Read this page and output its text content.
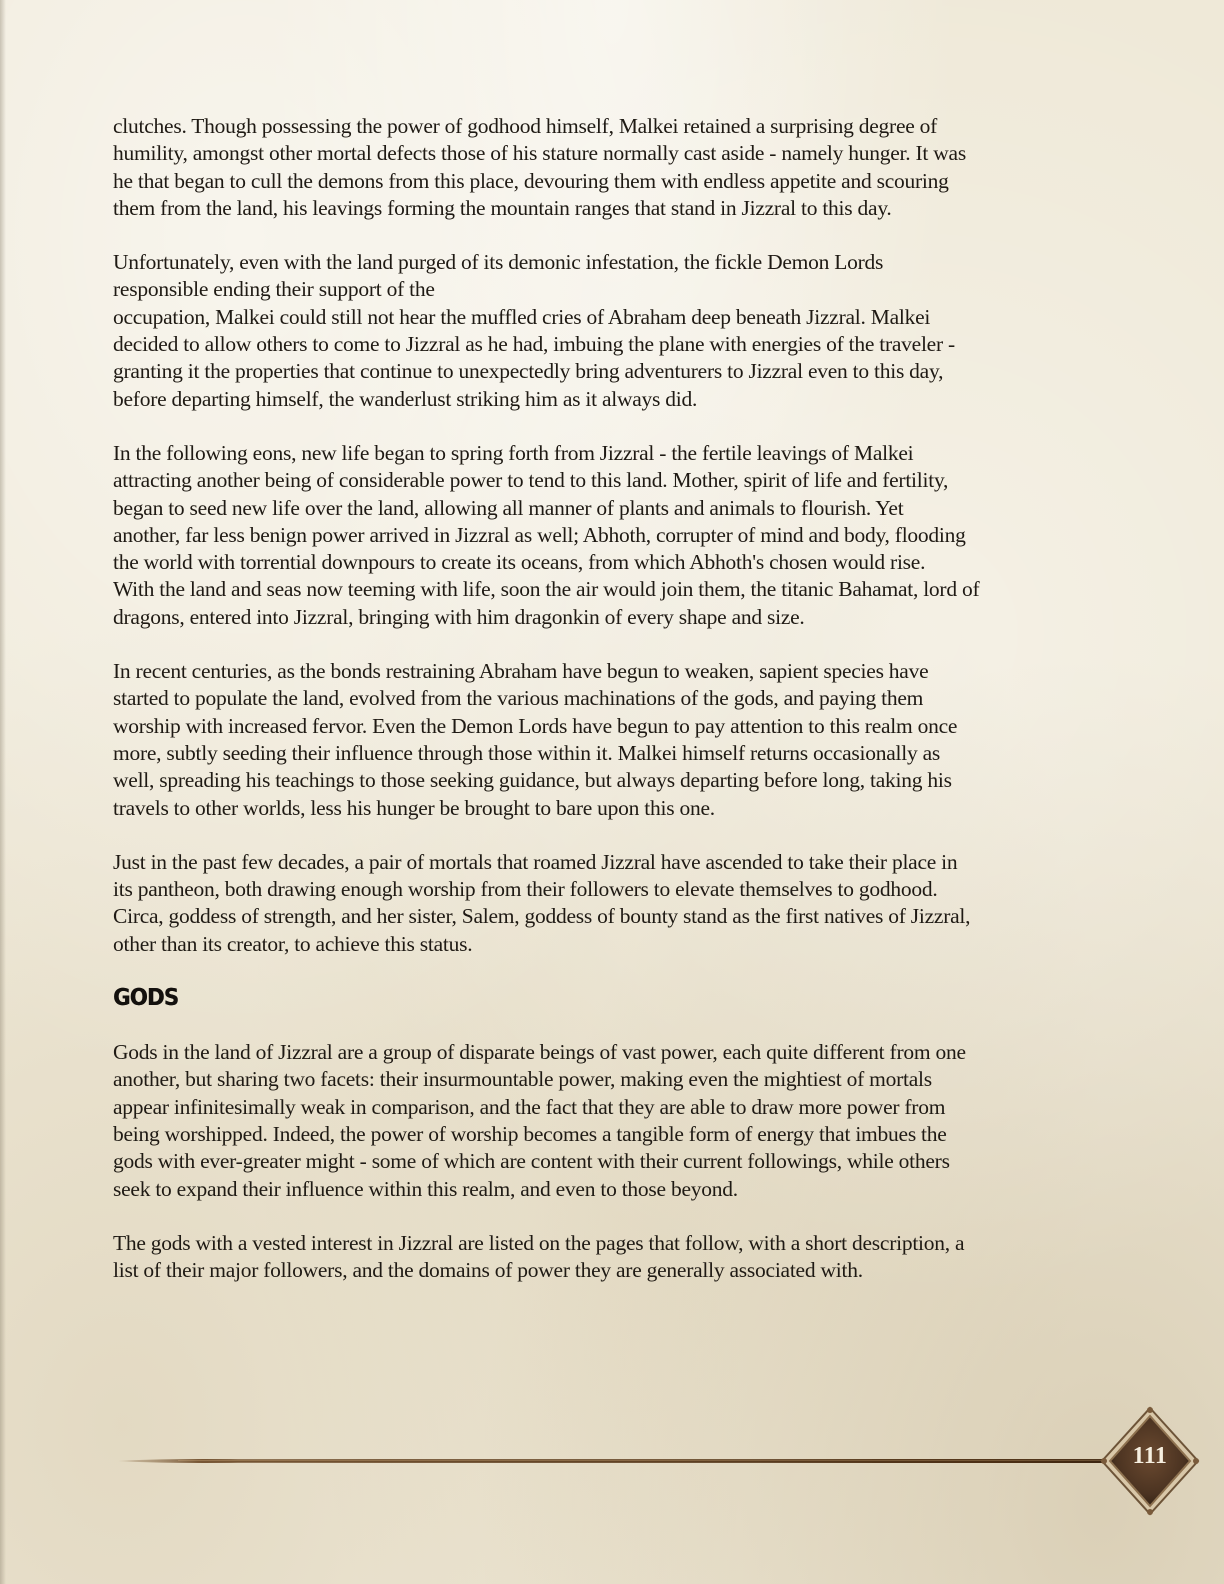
clutches. Though possessing the power of godhood himself, Malkei retained a surprising degree of
humility, amongst other mortal defects those of his stature normally cast aside - namely hunger. It was
he that began to cull the demons from this place, devouring them with endless appetite and scouring
them from the land, his leavings forming the mountain ranges that stand in Jizzral to this day.

Unfortunately, even with the land purged of its demonic infestation, the fickle Demon Lords
responsible ending their support of the
occupation, Malkei could still not hear the muffled cries of Abraham deep beneath Jizzral. Malkei
decided to allow others to come to Jizzral as he had, imbuing the plane with energies of the traveler -
granting it the properties that continue to unexpectedly bring adventurers to Jizzral even to this day,
before departing himself, the wanderlust striking him as it always did.

In the following eons, new life began to spring forth from Jizzral - the fertile leavings of Malkei
attracting another being of considerable power to tend to this land. Mother, spirit of life and fertility,
began to seed new life over the land, allowing all manner of plants and animals to flourish. Yet
another, far less benign power arrived in Jizzral as well; Abhoth, corrupter of mind and body, flooding
the world with torrential downpours to create its oceans, from which Abhoth's chosen would rise.
With the land and seas now teeming with life, soon the air would join them, the titanic Bahamat, lord of
dragons, entered into Jizzral, bringing with him dragonkin of every shape and size.

In recent centuries, as the bonds restraining Abraham have begun to weaken, sapient species have
started to populate the land, evolved from the various machinations of the gods, and paying them
worship with increased fervor. Even the Demon Lords have begun to pay attention to this realm once
more, subtly seeding their influence through those within it. Malkei himself returns occasionally as
well, spreading his teachings to those seeking guidance, but always departing before long, taking his
travels to other worlds, less his hunger be brought to bare upon this one.

Just in the past few decades, a pair of mortals that roamed Jizzral have ascended to take their place in
its pantheon, both drawing enough worship from their followers to elevate themselves to godhood.
Circa, goddess of strength, and her sister, Salem, goddess of bounty stand as the first natives of Jizzral,
other than its creator, to achieve this status.

GODS

Gods in the land of Jizzral are a group of disparate beings of vast power, each quite different from one
another, but sharing two facets: their insurmountable power, making even the mightiest of mortals
appear infinitesimally weak in comparison, and the fact that they are able to draw more power from
being worshipped. Indeed, the power of worship becomes a tangible form of energy that imbues the
gods with ever-greater might - some of which are content with their current followings, while others
seek to expand their influence within this realm, and even to those beyond.

The gods with a vested interest in Jizzral are listed on the pages that follow, with a short description, a
list of their major followers, and the domains of power they are generally associated with.

111
